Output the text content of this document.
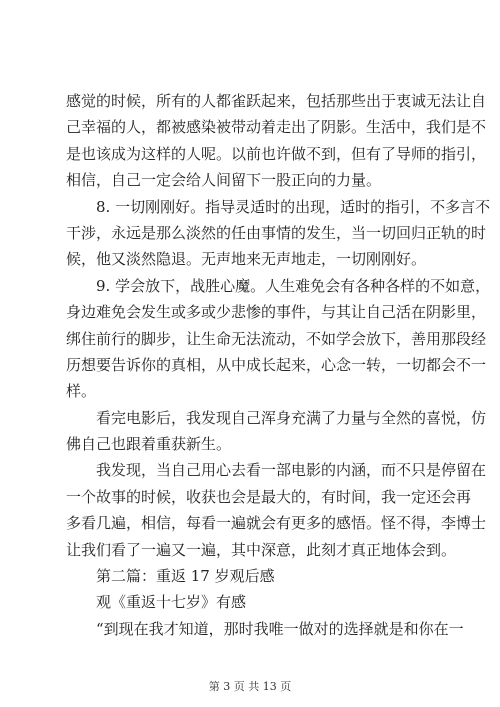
感觉的时候，所有的人都雀跃起来，包括那些出于衷诚无法让自
己幸福的人，都被感染被带动着走出了阴影。生活中，我们是不
是也该成为这样的人呢。以前也许做不到，但有了导师的指引，
相信，自己一定会给人间留下一股正向的力量。
8. 一切刚刚好。指导灵适时的出现，适时的指引，不多言不
干涉，永远是那么淡然的任由事情的发生，当一切回归正轨的时
候，他又淡然隐退。无声地来无声地走，一切刚刚好。
9. 学会放下，战胜心魔。人生难免会有各种各样的不如意，
身边难免会发生或多或少悲惨的事件，与其让自己活在阴影里，
绑住前行的脚步，让生命无法流动，不如学会放下，善用那段经
历想要告诉你的真相，从中成长起来，心念一转，一切都会不一
样。
看完电影后，我发现自己浑身充满了力量与全然的喜悦，仿
佛自己也跟着重获新生。
我发现，当自己用心去看一部电影的内涵，而不只是停留在
一个故事的时候，收获也会是最大的，有时间，我一定还会再
多看几遍，相信，每看一遍就会有更多的感悟。怪不得，李博士
让我们看了一遍又一遍，其中深意，此刻才真正地体会到。
第二篇：重返 17 岁观后感
观《重返十七岁》有感
“到现在我才知道，那时我唯一做对的选择就是和你在一
第 3 页 共 13 页
